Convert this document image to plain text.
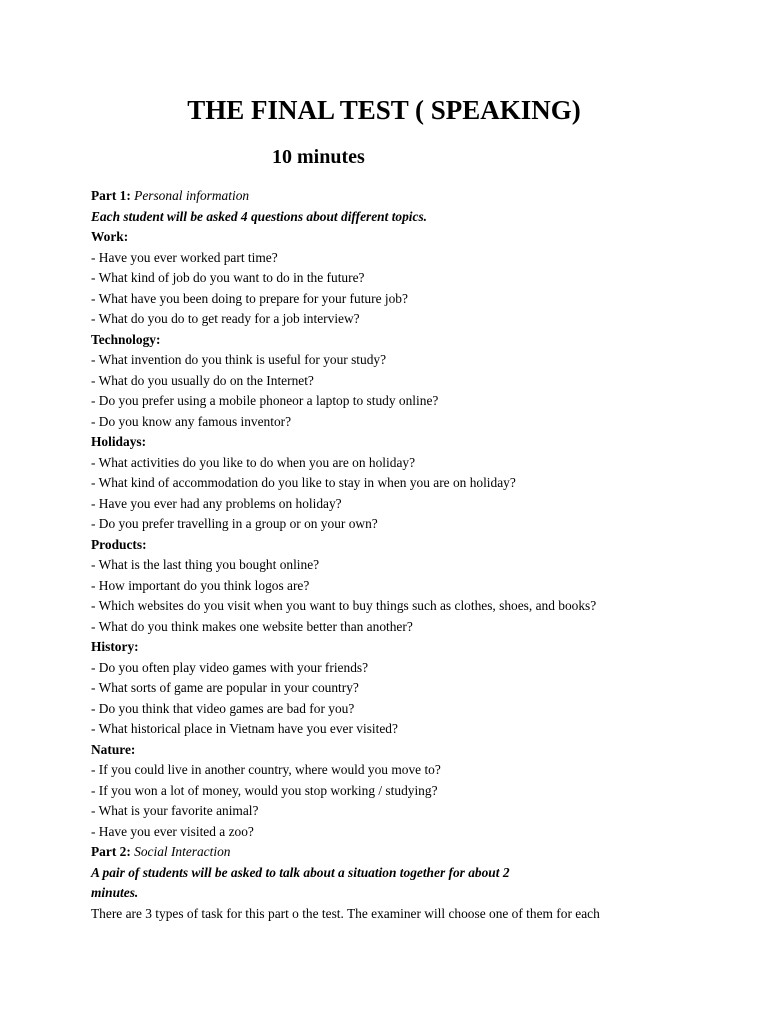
THE FINAL TEST ( SPEAKING)
10 minutes
Part 1: Personal information
Each student will be asked 4 questions about different topics.
Work:
- Have you ever worked part time?
- What kind of job do you want to do in the future?
- What have you been doing to prepare for your future job?
- What do you do to get ready for a job interview?
Technology:
- What invention do you think is useful for your study?
- What do you usually do on the Internet?
- Do you prefer using a mobile phoneor a laptop to study online?
- Do you know any famous inventor?
Holidays:
- What activities do you like to do when you are on holiday?
- What kind of accommodation do you like to stay in when you are on holiday?
- Have you ever had any problems on holiday?
- Do you prefer travelling in a group or on your own?
Products:
- What is the last thing you bought online?
- How important do you think logos are?
- Which websites do you visit when you want to buy things such as clothes, shoes, and books?
- What do you think makes one website better than another?
History:
- Do you often play video games with your friends?
- What sorts of game are popular in your country?
- Do you think that video games are bad for you?
- What historical place in Vietnam have you ever visited?
Nature:
- If you could live in another country, where would you move to?
- If you won a lot of money, would you stop working / studying?
- What is your favorite animal?
- Have you ever visited a zoo?
Part 2: Social Interaction
A pair of students will be asked to talk about a situation together for about 2
minutes.
There are 3 types of task for this part o the test. The examiner will choose one of them for each
